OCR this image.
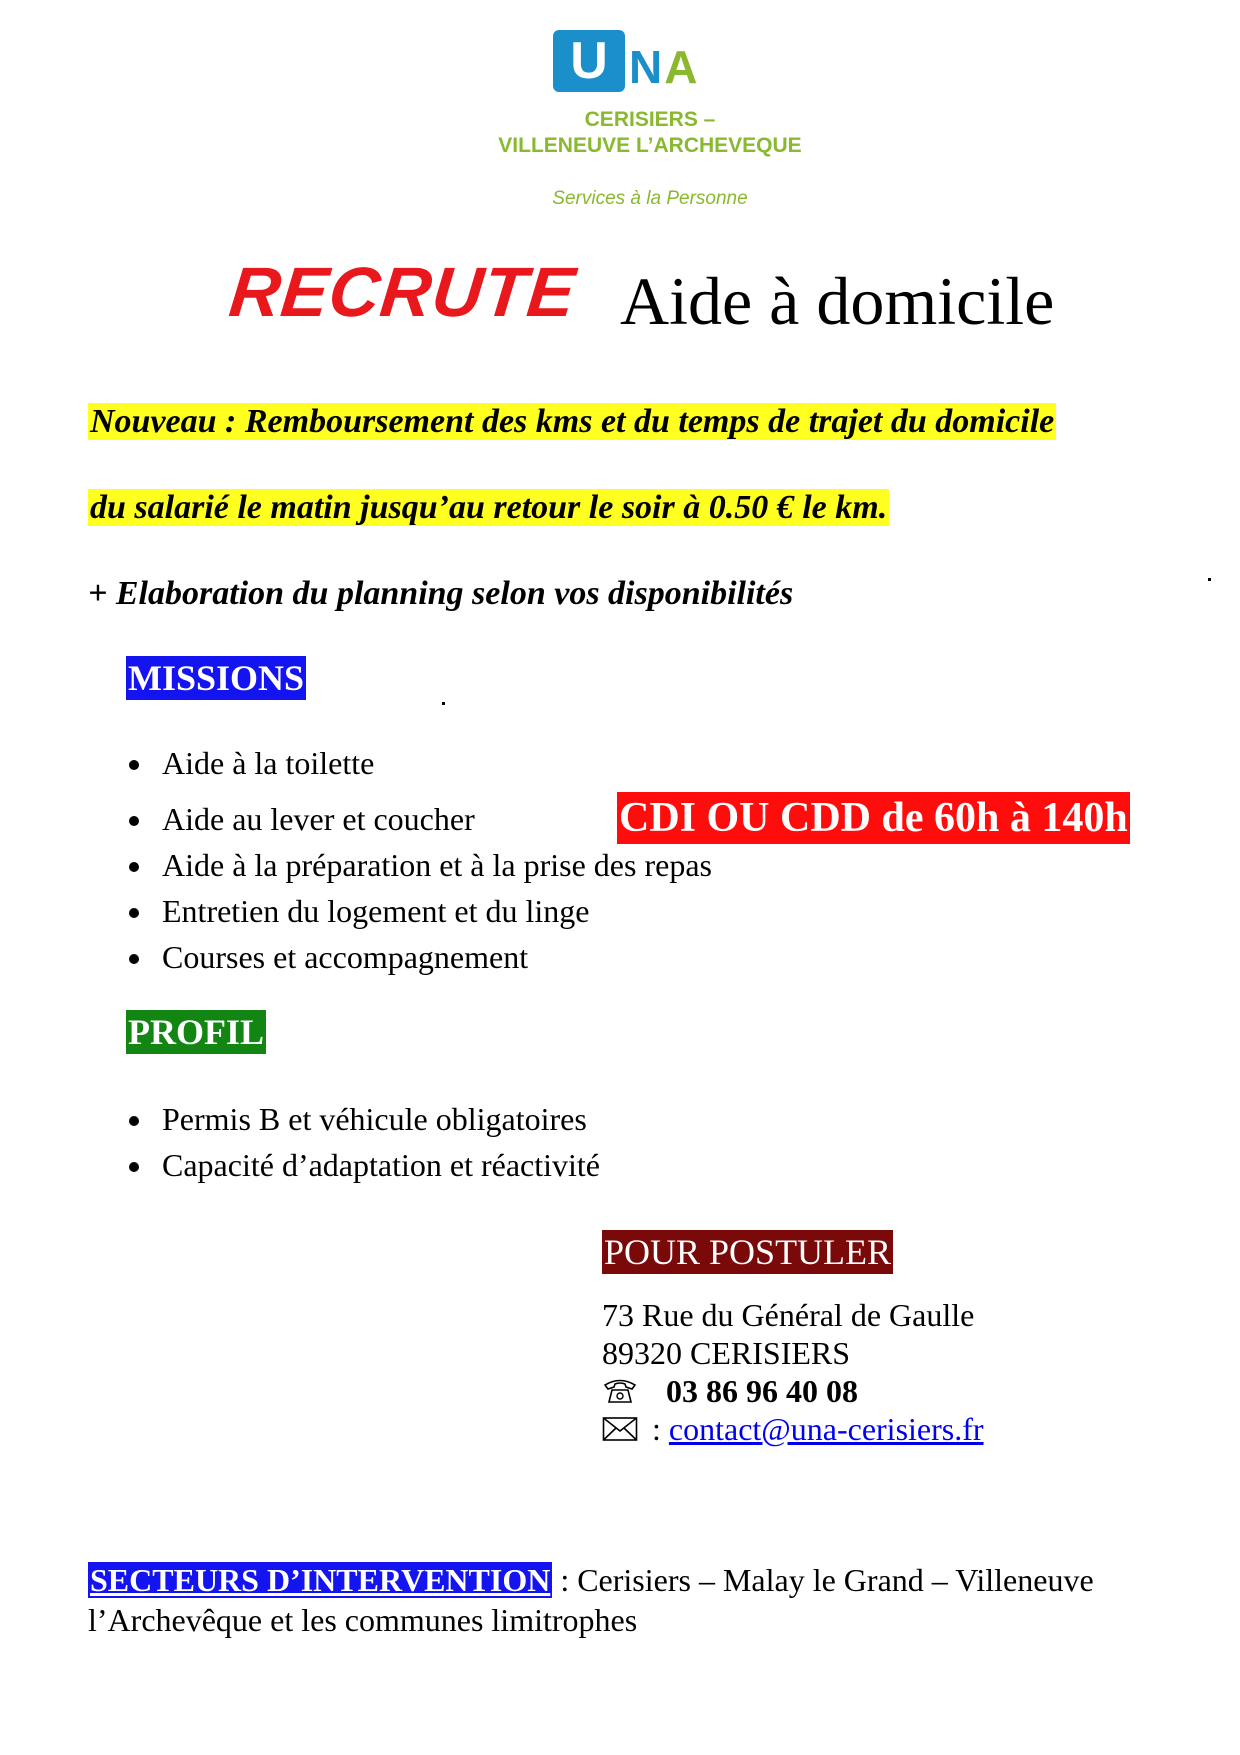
U NA
CERISIERS –
VILLENEUVE L’ARCHEVEQUE
Services à la Personne
RECRUTE Aide à domicile
Nouveau : Remboursement des kms et du temps de trajet du domicile
du salarié le matin jusqu’au retour le soir à 0.50 € le km.
+ Elaboration du planning selon vos disponibilités
MISSIONS
Aide à la toilette
Aide au lever et coucher
Aide à la préparation et à la prise des repas
Entretien du logement et du linge
Courses et accompagnement
CDI OU CDD de 60h à 140h
PROFIL
Permis B et véhicule obligatoires
Capacité d’adaptation et réactivité
POUR POSTULER
73 Rue du Général de Gaulle
89320 CERISIERS
03 86 96 40 08
: contact@una-cerisiers.fr
SECTEURS D’INTERVENTION : Cerisiers – Malay le Grand – Villeneuve l’Archevêque et les communes limitrophes
